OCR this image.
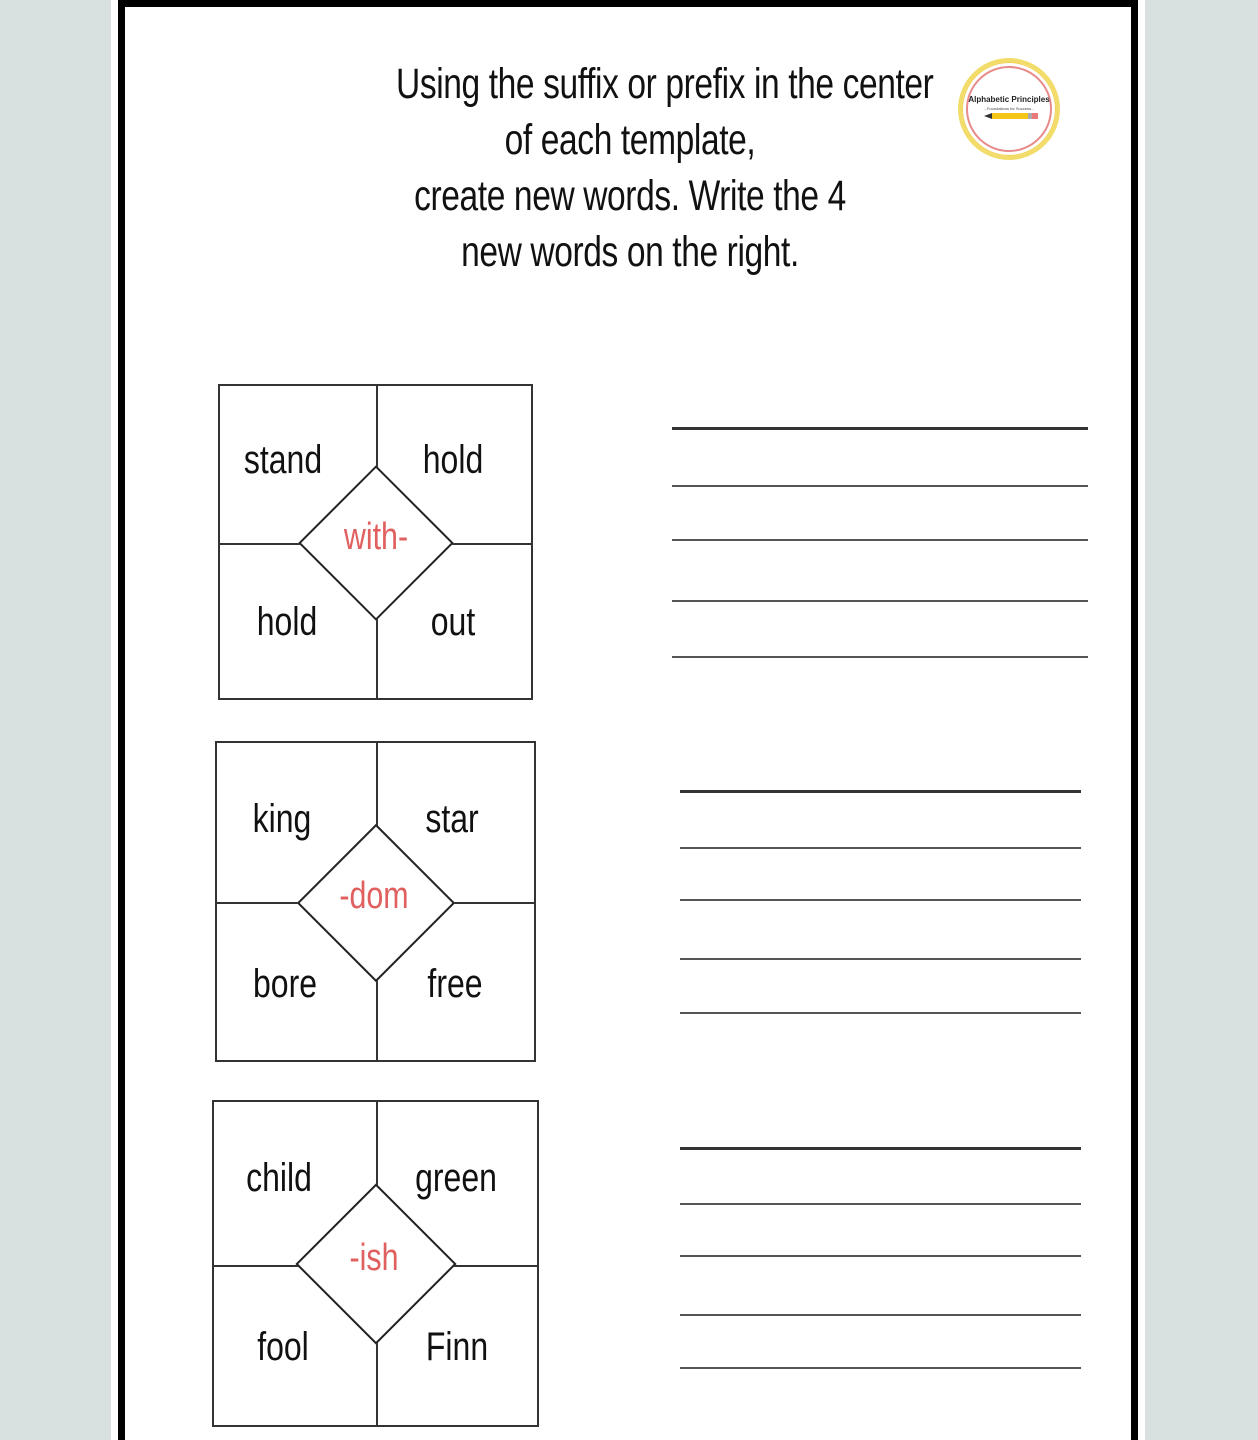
Using the suffix or prefix in the center
of each template,
create new words. Write the 4
new words on the right.
Alphabetic Principles
...Foundations for Success...
stand	hold
hold	out
with-
king	star
bore	free
-dom
child	green
fool	Finn
-ish
